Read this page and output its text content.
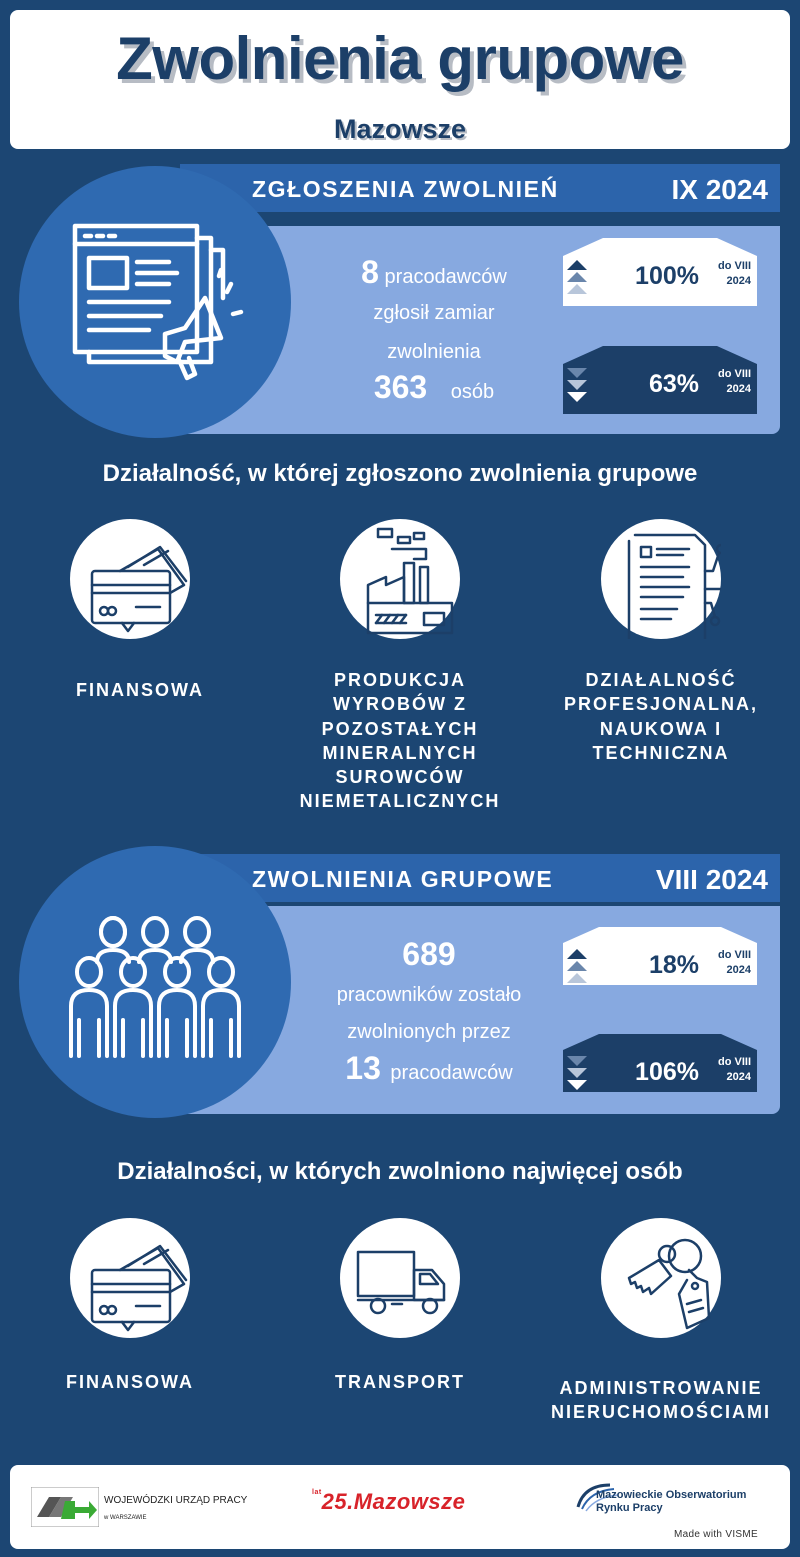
Zwolnienia grupowe
Mazowsze
ZGŁOSZENIA ZWOLNIEŃ	IX 2024
8 pracodawców
zgłosił zamiar
zwolnienia
363 osób
100% do VIII
2024
63% do VIII
2024
Działalność, w której zgłoszono zwolnienia grupowe
FINANSOWA	PRODUKCJA WYROBÓW Z POZOSTAŁYCH MINERALNYCH SUROWCÓW NIEMETALICZNYCH
DZIAŁALNOŚĆ PROFESJONALNA, NAUKOWA I TECHNICZNA
ZWOLNIENIA GRUPOWE	VIII 2024
689
pracowników zostało
zwolnionych przez
13 pracodawców
18% do VIII
2024
106% do VIII
2024
Działalności, w których zwolniono najwięcej osób
FINANSOWA	TRANSPORT	ADMINISTROWANIE NIERUCHOMOŚCIAMI
WOJEWÓDZKI URZĄD PRACY
w WARSZAWIE
$^{lat}$25.Mazowsze	Mazowieckie Obserwatorium
Rynku Pracy
Made with VISME
